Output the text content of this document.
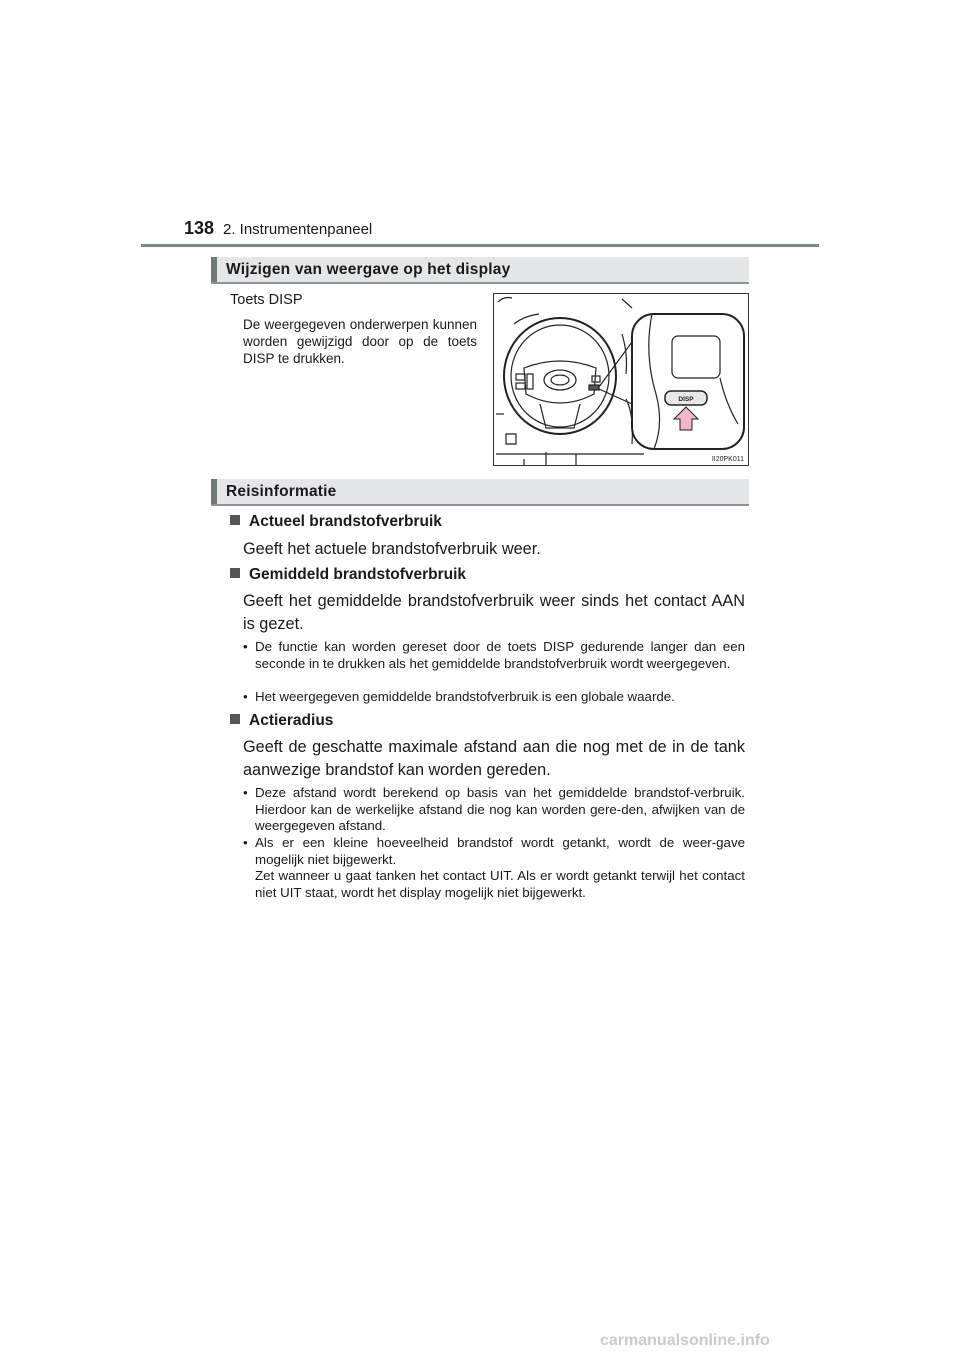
138 2. Instrumentenpaneel
Wijzigen van weergave op het display
Toets DISP
De weergegeven onderwerpen kunnen worden gewijzigd door op de toets DISP te drukken.
DISP
II20PK011
Reisinformatie
Actueel brandstofverbruik
Geeft het actuele brandstofverbruik weer.
Gemiddeld brandstofverbruik
Geeft het gemiddelde brandstofverbruik weer sinds het contact AAN is gezet.
• De functie kan worden gereset door de toets DISP gedurende langer dan een seconde in te drukken als het gemiddelde brandstofverbruik wordt weergegeven.
• Het weergegeven gemiddelde brandstofverbruik is een globale waarde.
Actieradius
Geeft de geschatte maximale afstand aan die nog met de in de tank aanwezige brandstof kan worden gereden.
• Deze afstand wordt berekend op basis van het gemiddelde brandstof-verbruik. Hierdoor kan de werkelijke afstand die nog kan worden gere-den, afwijken van de weergegeven afstand.
• Als er een kleine hoeveelheid brandstof wordt getankt, wordt de weer-gave mogelijk niet bijgewerkt.
Zet wanneer u gaat tanken het contact UIT. Als er wordt getankt terwijl het contact niet UIT staat, wordt het display mogelijk niet bijgewerkt.
carmanualsonline.info
